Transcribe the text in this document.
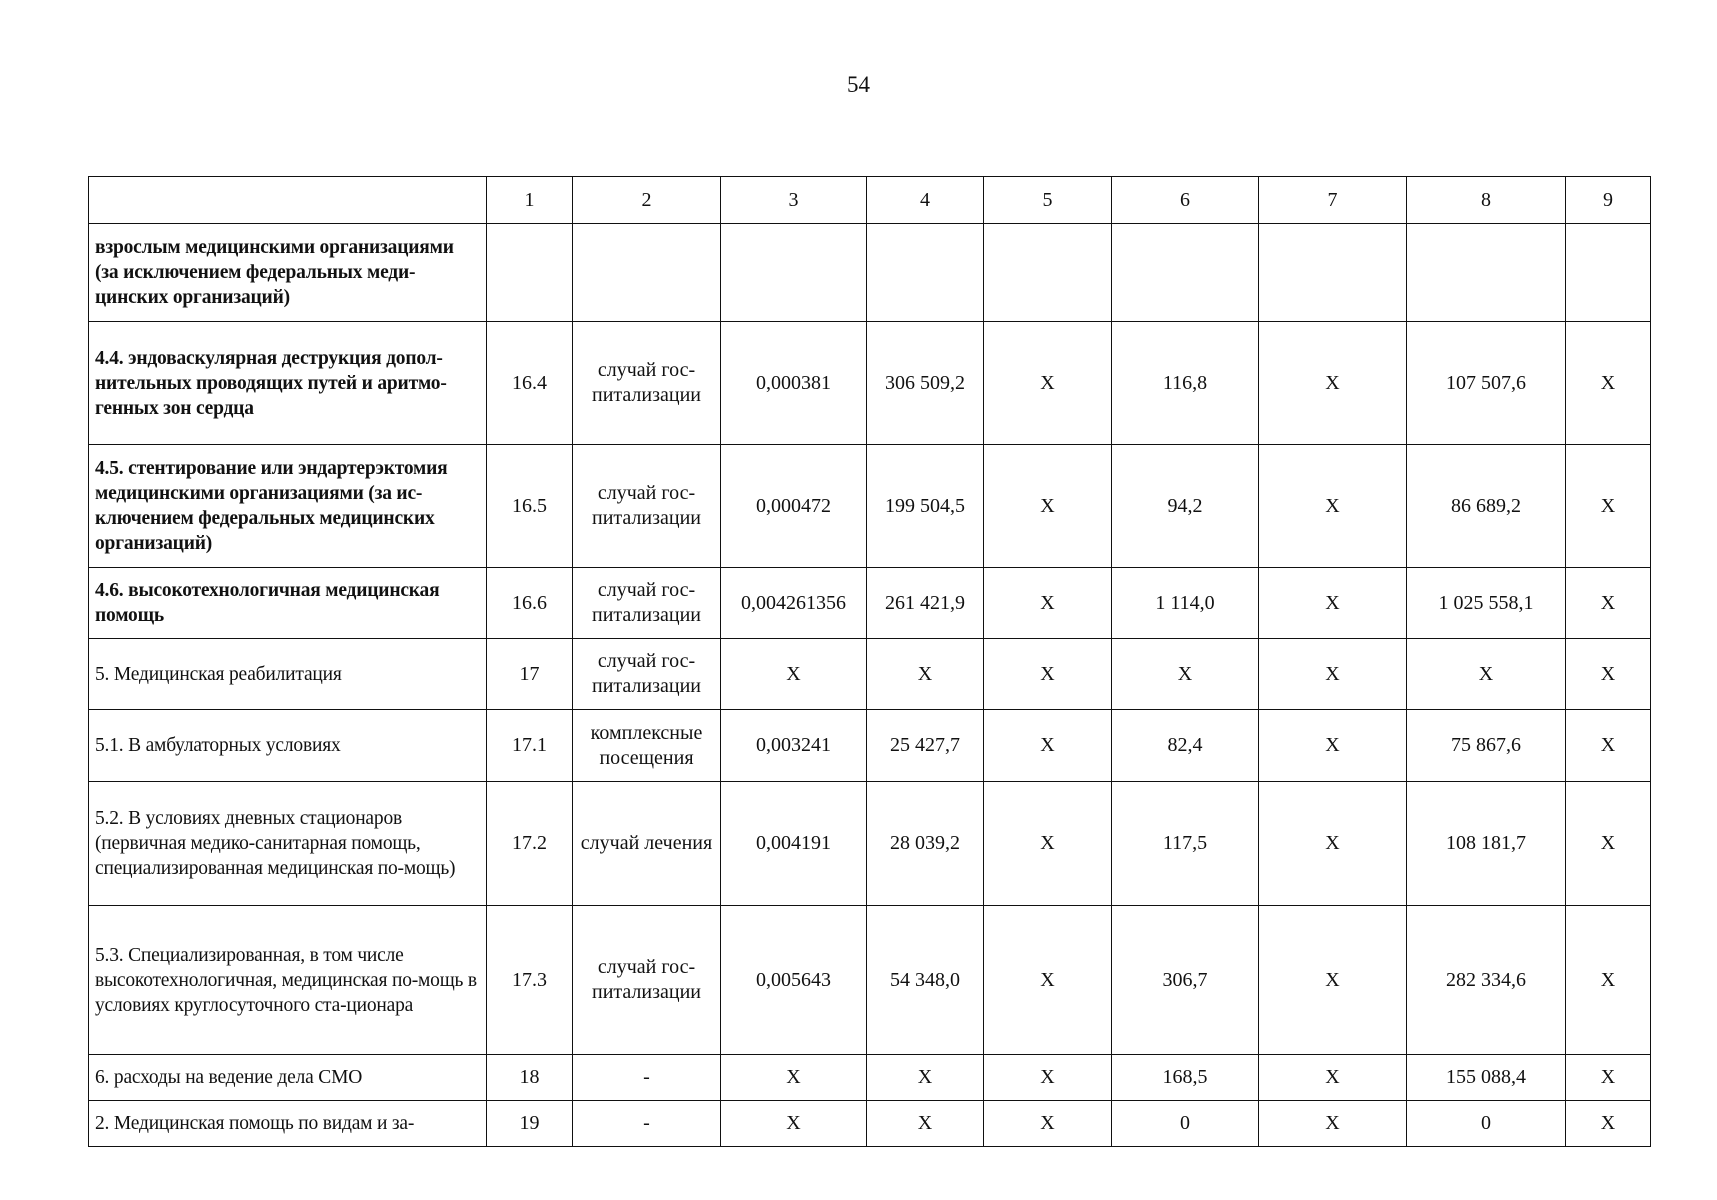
54
	1	2	3	4	5	6	7	8	9
взрослым медицинскими организациями (за исключением федеральных меди-цинских организаций)									
4.4. эндоваскулярная деструкция допол-нительных проводящих путей и аритмо-генных зон сердца	16.4	случай гос-питализации	0,000381	306 509,2	X	116,8	X	107 507,6	X
4.5. стентирование или эндартерэктомия медицинскими организациями (за ис-ключением федеральных медицинских организаций)	16.5	случай гос-питализации	0,000472	199 504,5	X	94,2	X	86 689,2	X
4.6. высокотехнологичная медицинская помощь	16.6	случай гос-питализации	0,004261356	261 421,9	X	1 114,0	X	1 025 558,1	X
5. Медицинская реабилитация	17	случай гос-питализации	X	X	X	X	X	X	X
5.1. В амбулаторных условиях	17.1	комплексные посещения	0,003241	25 427,7	X	82,4	X	75 867,6	X
5.2. В условиях дневных стационаров (первичная медико-санитарная помощь, специализированная медицинская по-мощь)	17.2	случай лечения	0,004191	28 039,2	X	117,5	X	108 181,7	X
5.3. Специализированная, в том числе высокотехнологичная, медицинская по-мощь в условиях круглосуточного ста-ционара	17.3	случай гос-питализации	0,005643	54 348,0	X	306,7	X	282 334,6	X
6. расходы на ведение дела СМО	18	-	X	X	X	168,5	X	155 088,4	X
2. Медицинская помощь по видам и за-	19	-	X	X	X	0	X	0	X
